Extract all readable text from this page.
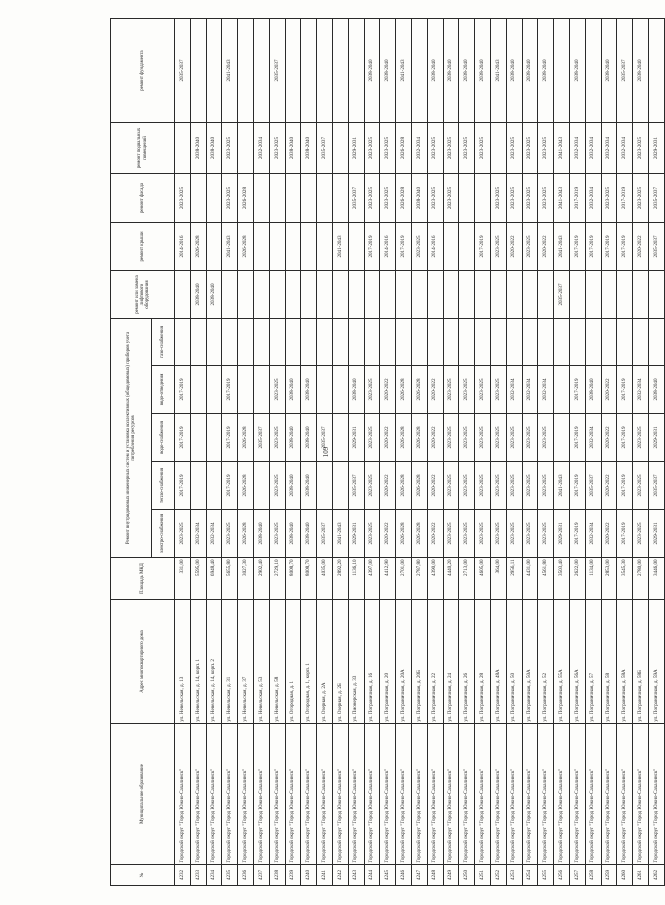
109
№	Муниципальное образование	Адрес многоквартирного дома	Площадь МКД	Ремонт внутридомовых инженерных систем и установка коллективных (общедомовых) приборов учета потребления ресурсов					ремонт или замена лифтового оборудования	ремонт крыши	ремонт фасада	ремонт подвальных помещений	ремонт фундамента
				электро-снабжения	тепло-снабжения	водо-снабжения	водо-отведения	газо-снабжения					

4232	Городской округ "Город Южно-Сахалинск"	ул. Невельская, д. 13	331,00	2023-2025	2017-2019	2017-2019	2017-2019			2014-2016	2023-2025		2035-2037
4233	Городской округ "Город Южно-Сахалинск"	ул. Невельская, д. 14, корп. 1	5595,00	2032-2034					2038-2040	2026-2028		2038-2040	
4234	Городской округ "Город Южно-Сахалинск"	ул. Невельская, д. 14, корп. 2	6948,40	2032-2034					2038-2040			2038-2040	
4235	Городской округ "Город Южно-Сахалинск"	ул. Невельская, д. 31	5655,80	2023-2025	2017-2019	2017-2019	2017-2019			2041-2043	2023-2025	2023-2025	2041-2043
4236	Городской округ "Город Южно-Сахалинск"	ул. Невельская, д. 37	3027,30	2026-2028	2026-2028	2026-2028				2026-2028	2026-2028		
4237	Городской округ "Город Южно-Сахалинск"	ул. Невельская, д. 53	2902,40	2038-2040		2035-2037						2032-2034	
4238	Городской округ "Город Южно-Сахалинск"	ул. Невельская, д. 58	2729,10	2023-2025	2023-2025	2023-2025	2023-2025					2023-2025	2035-2037
4239	Городской округ "Город Южно-Сахалинск"	ул. Огородная, д. 1	8008,70	2038-2040	2038-2040	2038-2040	2038-2040					2038-2040	
4240	Городской округ "Город Южно-Сахалинск"	ул. Огородная, д. 1, корп. 1	8008,70	2038-2040	2038-2040	2038-2040	2038-2040					2038-2040	
4241	Городской округ "Город Южно-Сахалинск"	ул. Озерная, д. 2А	4035,00	2035-2037		2035-2037						2035-2037	
4242	Городской округ "Город Южно-Сахалинск"	ул. Озерная, д. 2Б	2892,20	2041-2043						2041-2043			
4243	Городской округ "Город Южно-Сахалинск"	ул. Пионерская, д. 33	1136,10	2029-2031	2035-2037	2029-2031	2038-2040				2035-2037	2029-2031	
4244	Городской округ "Город Южно-Сахалинск"	ул. Пограничная, д. 16	4397,00	2023-2025	2023-2025	2023-2025	2023-2025			2017-2019	2023-2025	2023-2025	2038-2040
4245	Городской округ "Город Южно-Сахалинск"	ул. Пограничная, д. 20	4412,90	2020-2022	2020-2022	2020-2022	2020-2022			2014-2016	2023-2025	2023-2025	2038-2040
4246	Городской округ "Город Южно-Сахалинск"	ул. Пограничная, д. 20А	2701,00	2026-2028	2026-2028	2026-2028	2026-2028			2017-2019	2026-2028	2026-2028	2041-2043
4247	Городской округ "Город Южно-Сахалинск"	ул. Пограничная, д. 20Б	2787,80	2026-2028	2026-2028	2026-2028	2026-2028			2023-2025	2038-2040	2032-2034	
4248	Городской округ "Город Южно-Сахалинск"	ул. Пограничная, д. 22	4390,00	2020-2022	2020-2022	2020-2022	2020-2022			2014-2016	2023-2025	2023-2025	2038-2040
4249	Городской округ "Город Южно-Сахалинск"	ул. Пограничная, д. 24	4440,20	2023-2025	2023-2025	2023-2025	2023-2025				2023-2025	2023-2025	2038-2040
4250	Городской округ "Город Южно-Сахалинск"	ул. Пограничная, д. 26	2713,00	2023-2025	2023-2025	2023-2025	2023-2025					2023-2025	2038-2040
4251	Городской округ "Город Южно-Сахалинск"	ул. Пограничная, д. 28	4605,00	2023-2025	2023-2025	2023-2025	2023-2025			2017-2019		2023-2025	2038-2040
4252	Городской округ "Город Южно-Сахалинск"	ул. Пограничная, д. 48А	364,00	2023-2025	2023-2025	2023-2025	2023-2025			2023-2025	2023-2025		2041-2043
4253	Городской округ "Город Южно-Сахалинск"	ул. Пограничная, д. 50	2956,11	2023-2025	2023-2025	2023-2025	2032-2034			2020-2022	2023-2025	2023-2025	2038-2040
4254	Городской округ "Город Южно-Сахалинск"	ул. Пограничная, д. 50А	4431,00	2023-2025	2023-2025	2023-2025	2032-2034			2023-2025	2023-2025	2023-2025	2038-2040
4255	Городской округ "Город Южно-Сахалинск"	ул. Пограничная, д. 52	4561,80	2023-2025	2023-2025	2023-2025	2032-2034			2020-2022	2023-2025	2023-2025	2038-2040
4256	Городской округ "Город Южно-Сахалинск"	ул. Пограничная, д. 55А	3503,40	2029-2031	2041-2043				2035-2037	2041-2043	2041-2043	2041-2043	
4257	Городской округ "Город Южно-Сахалинск"	ул. Пограничная, д. 56А	2622,00	2017-2019	2017-2019	2017-2019	2017-2019			2017-2019	2017-2019	2032-2034	2038-2040
4258	Городской округ "Город Южно-Сахалинск"	ул. Пограничная, д. 57	1134,00	2032-2034	2035-2037	2032-2034	2038-2040			2017-2019	2032-2034	2032-2034	
4259	Городской округ "Город Южно-Сахалинск"	ул. Пограничная, д. 58	2853,00	2020-2022	2020-2022	2020-2022	2020-2022			2017-2019	2023-2025	2032-2034	2038-2040
4260	Городской округ "Город Южно-Сахалинск"	ул. Пограничная, д. 58А	3545,30	2017-2019	2017-2019	2017-2019	2017-2019			2017-2019	2017-2019	2032-2034	2035-2037
4261	Городской округ "Город Южно-Сахалинск"	ул. Пограничная, д. 58Б	2780,00	2023-2025	2023-2025	2023-2025	2032-2034			2020-2022	2023-2025	2023-2025	2038-2040
4262	Городской округ "Город Южно-Сахалинск"	ул. Пограничная, д. 59А	3446,00	2029-2031	2035-2037	2029-2031	2038-2040			2035-2037	2035-2037	2029-2031	
